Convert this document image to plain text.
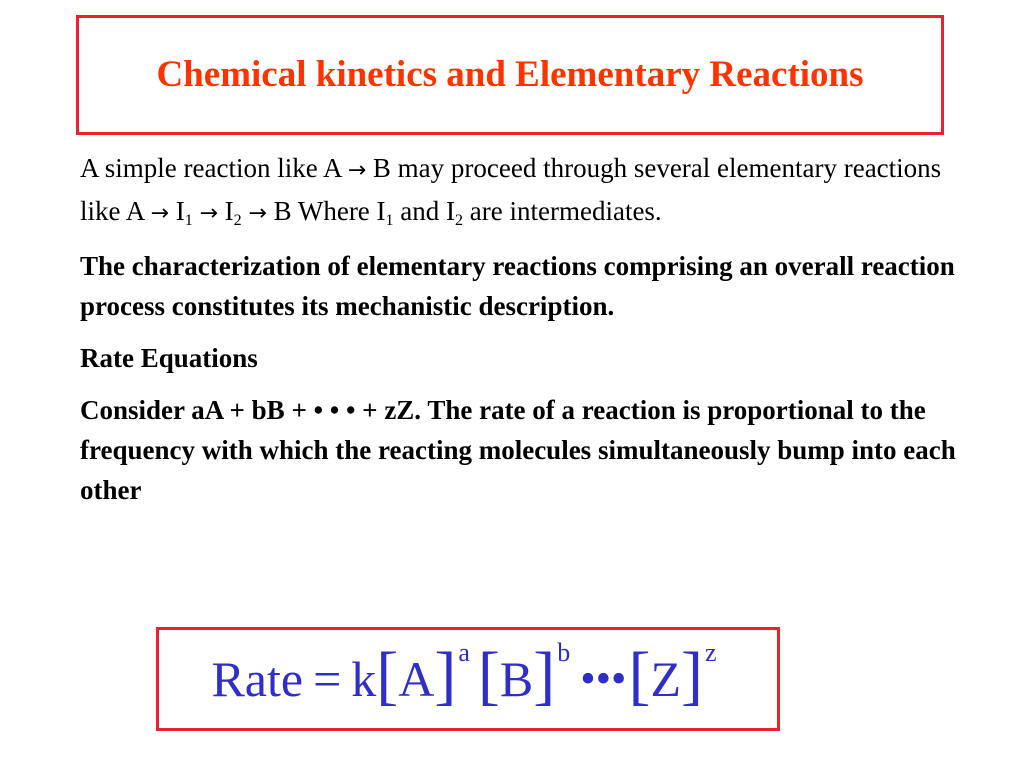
Chemical kinetics and Elementary Reactions

A simple reaction like A → B may proceed through several elementary reactions like $A \to I_1 \to I_2 \to B$ Where $I_1$ and $I_2$ are intermediates.

The characterization of elementary reactions comprising an overall reaction process constitutes its mechanistic description.

Rate Equations

Consider aA + bB + • • • + zZ. The rate of a reaction is proportional to the frequency with which the reacting molecules simultaneously bump into each other

Rate = k [ A ] a [ B ] b
••• [ Z ] z
